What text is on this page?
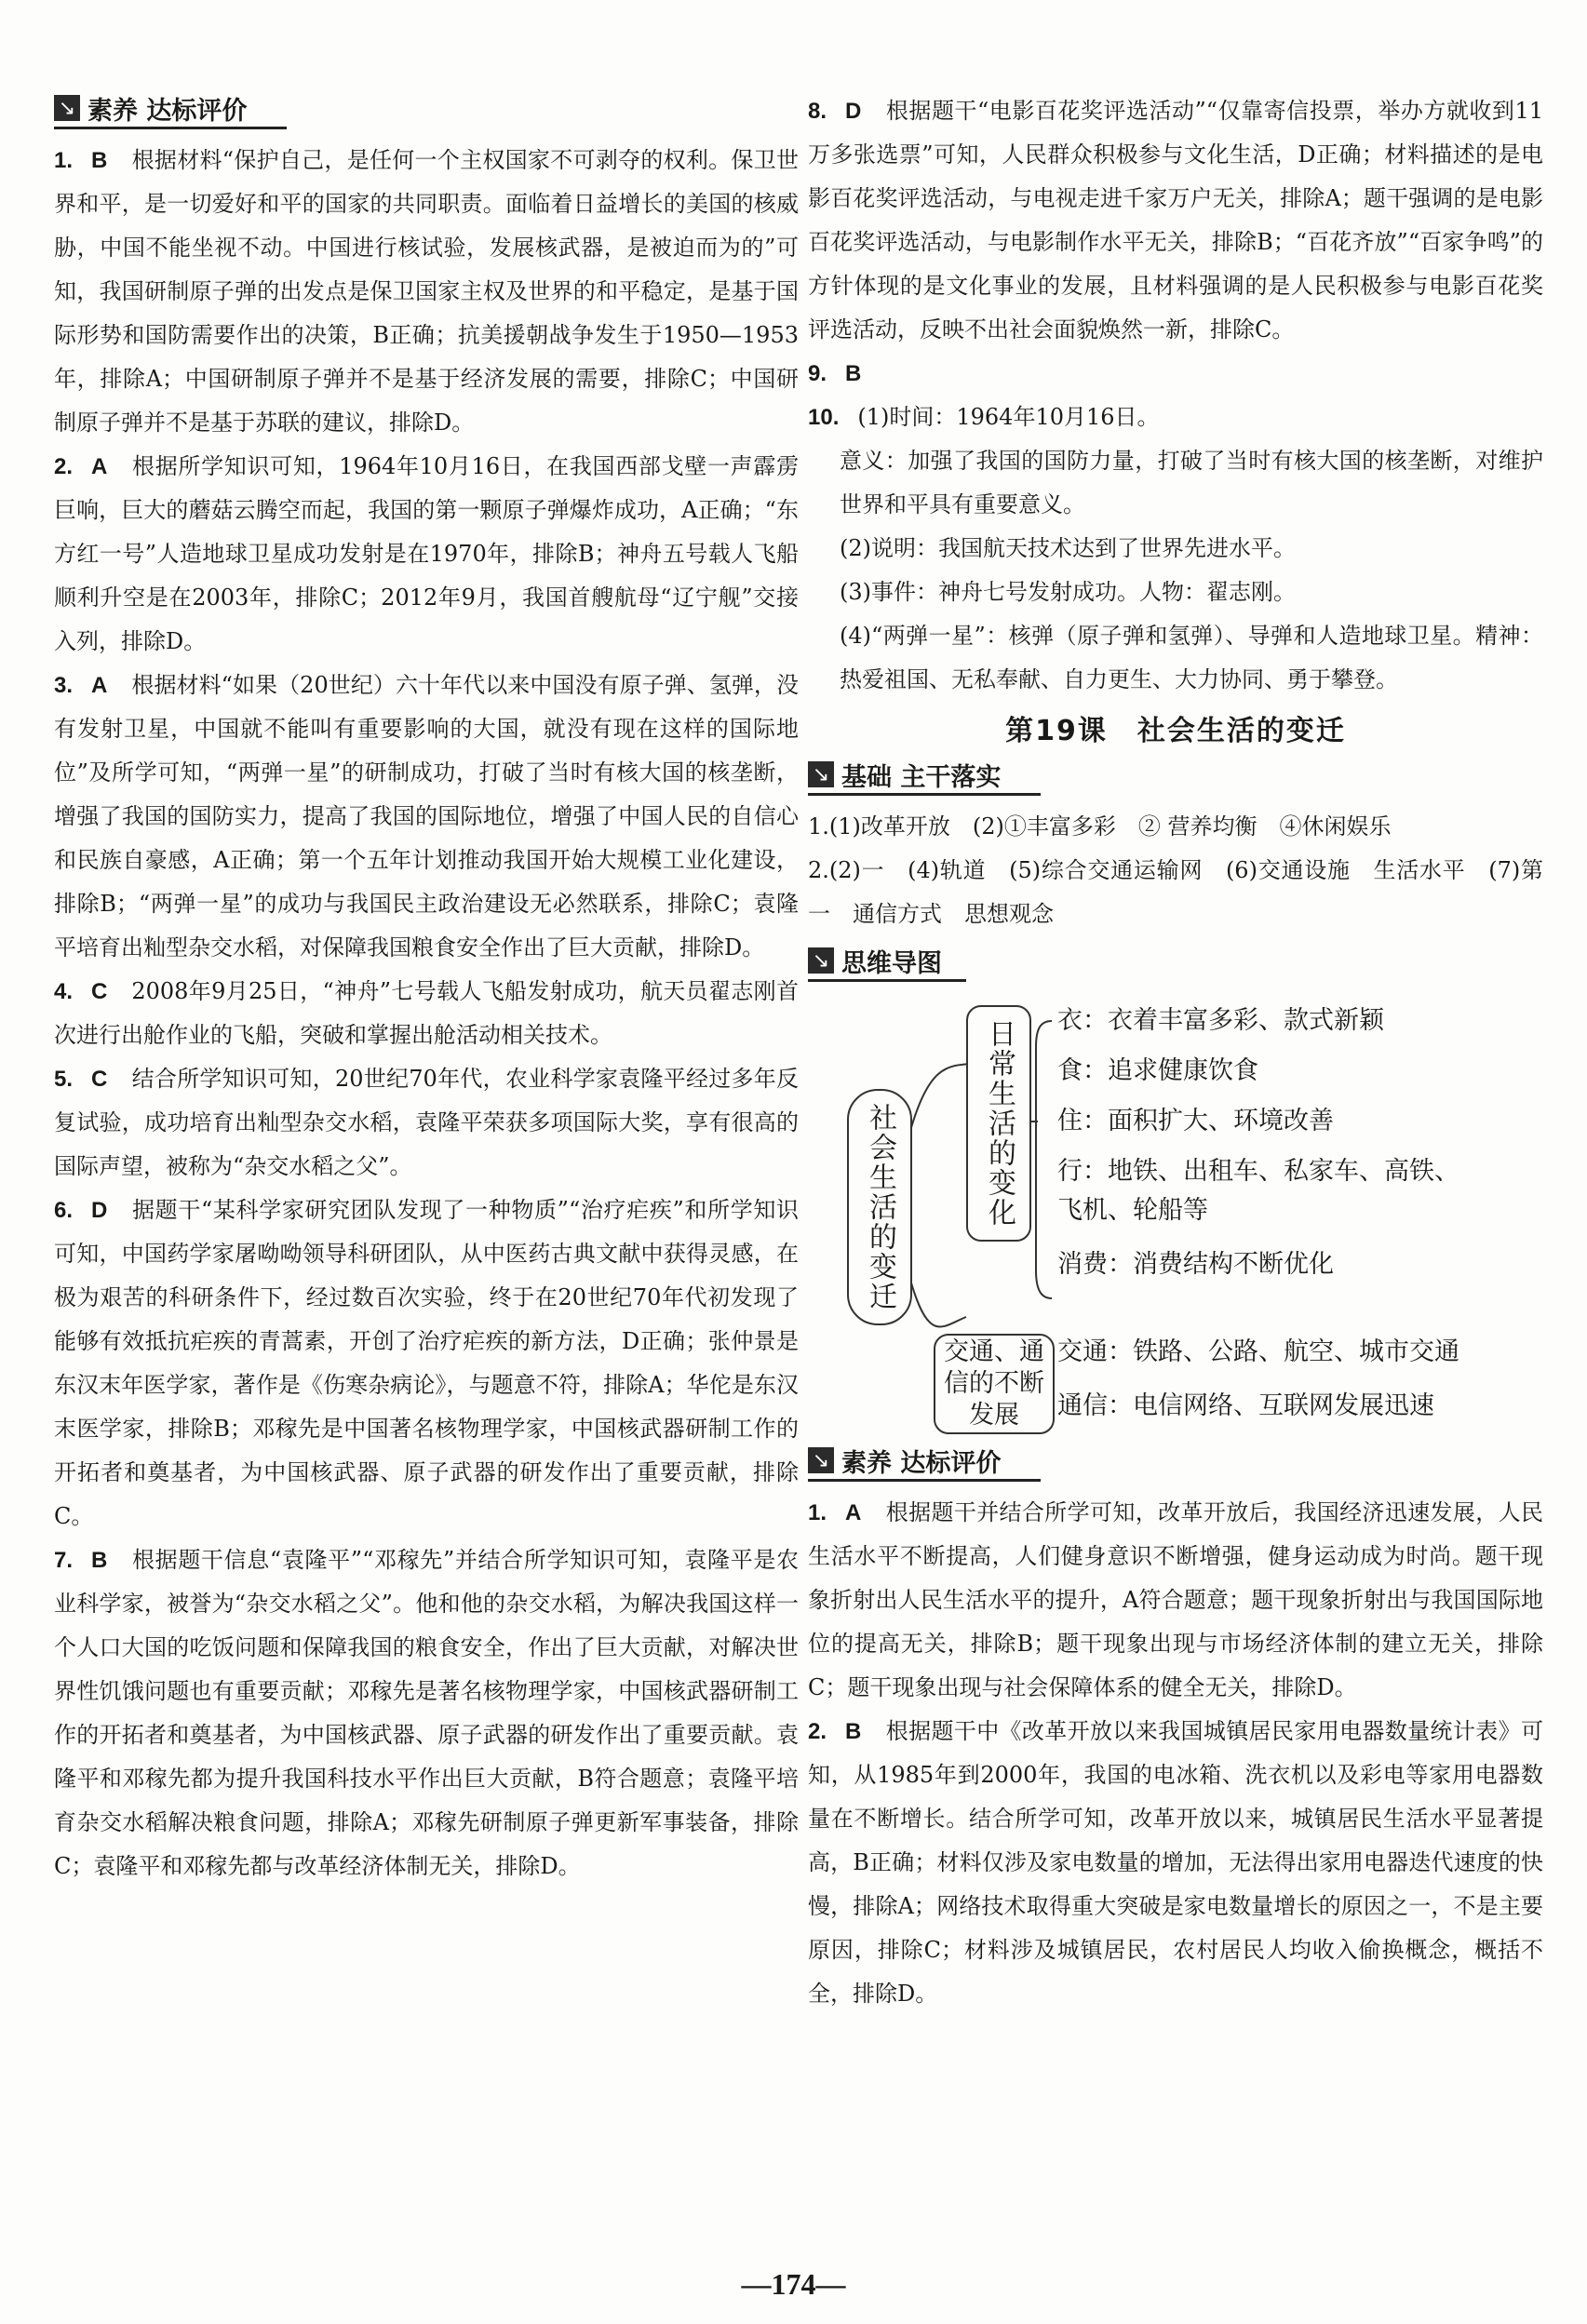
↘ 素养 达标评价

1. B 根据材料“保护自己，是任何一个主权国家不可剥夺的权利。保卫世界和平，是一切爱好和平的国家的共同职责。面临着日益增长的美国的核威胁，中国不能坐视不动。中国进行核试验，发展核武器，是被迫而为的”可知，我国研制原子弹的出发点是保卫国家主权及世界的和平稳定，是基于国际形势和国防需要作出的决策，B正确；抗美援朝战争发生于1950—1953年，排除A；中国研制原子弹并不是基于经济发展的需要，排除C；中国研制原子弹并不是基于苏联的建议，排除D。

2. A 根据所学知识可知，1964年10月16日，在我国西部戈壁一声霹雳巨响，巨大的蘑菇云腾空而起，我国的第一颗原子弹爆炸成功，A正确；“东方红一号”人造地球卫星成功发射是在1970年，排除B；神舟五号载人飞船顺利升空是在2003年，排除C；2012年9月，我国首艘航母“辽宁舰”交接入列，排除D。

3. A 根据材料“如果（20世纪）六十年代以来中国没有原子弹、氢弹，没有发射卫星，中国就不能叫有重要影响的大国，就没有现在这样的国际地位”及所学可知，“两弹一星”的研制成功，打破了当时有核大国的核垄断，增强了我国的国防实力，提高了我国的国际地位，增强了中国人民的自信心和民族自豪感，A正确；第一个五年计划推动我国开始大规模工业化建设，排除B；“两弹一星”的成功与我国民主政治建设无必然联系，排除C；袁隆平培育出籼型杂交水稻，对保障我国粮食安全作出了巨大贡献，排除D。

4. C 2008年9月25日，“神舟”七号载人飞船发射成功，航天员翟志刚首次进行出舱作业的飞船，突破和掌握出舱活动相关技术。

5. C 结合所学知识可知，20世纪70年代，农业科学家袁隆平经过多年反复试验，成功培育出籼型杂交水稻，袁隆平荣获多项国际大奖，享有很高的国际声望，被称为“杂交水稻之父”。

6. D 据题干“某科学家研究团队发现了一种物质”“治疗疟疾”和所学知识可知，中国药学家屠呦呦领导科研团队，从中医药古典文献中获得灵感，在极为艰苦的科研条件下，经过数百次实验，终于在20世纪70年代初发现了能够有效抵抗疟疾的青蒿素，开创了治疗疟疾的新方法，D正确；张仲景是东汉末年医学家，著作是《伤寒杂病论》，与题意不符，排除A；华佗是东汉末医学家，排除B；邓稼先是中国著名核物理学家，中国核武器研制工作的开拓者和奠基者，为中国核武器、原子武器的研发作出了重要贡献，排除C。

7. B 根据题干信息“袁隆平”“邓稼先”并结合所学知识可知，袁隆平是农业科学家，被誉为“杂交水稻之父”。他和他的杂交水稻，为解决我国这样一个人口大国的吃饭问题和保障我国的粮食安全，作出了巨大贡献，对解决世界性饥饿问题也有重要贡献；邓稼先是著名核物理学家，中国核武器研制工作的开拓者和奠基者，为中国核武器、原子武器的研发作出了重要贡献。袁隆平和邓稼先都为提升我国科技水平作出巨大贡献，B符合题意；袁隆平培育杂交水稻解决粮食问题，排除A；邓稼先研制原子弹更新军事装备，排除C；袁隆平和邓稼先都与改革经济体制无关，排除D。

8. D 根据题干“电影百花奖评选活动”“仅靠寄信投票，举办方就收到11万多张选票”可知，人民群众积极参与文化生活，D正确；材料描述的是电影百花奖评选活动，与电视走进千家万户无关，排除A；题干强调的是电影百花奖评选活动，与电影制作水平无关，排除B；“百花齐放”“百家争鸣”的方针体现的是文化事业的发展，且材料强调的是人民积极参与电影百花奖评选活动，反映不出社会面貌焕然一新，排除C。

9. B

10. (1)时间：1964年10月16日。

意义：加强了我国的国防力量，打破了当时有核大国的核垄断，对维护世界和平具有重要意义。

(2)说明：我国航天技术达到了世界先进水平。

(3)事件：神舟七号发射成功。人物：翟志刚。

(4)“两弹一星”：核弹（原子弹和氢弹）、导弹和人造地球卫星。精神：热爱祖国、无私奉献、自力更生、大力协同、勇于攀登。

第19课　社会生活的变迁
↘ 基础 主干落实

1.(1)改革开放　(2)①丰富多彩　② 营养均衡　④休闲娱乐

2.(2)一　(4)轨道　(5)综合交通运输网　(6)交通设施　生活水平　(7)第一　通信方式　思想观念

↘ 思维导图
社会生活的变迁	日常生活的变化
交通、通信的不断发展
衣：衣着丰富多彩、款式新颖
食：追求健康饮食
住：面积扩大、环境改善
行：地铁、出租车、私家车、高铁、
飞机、轮船等
消费：消费结构不断优化
交通：铁路、公路、航空、城市交通
通信：电信网络、互联网发展迅速
↘ 素养 达标评价

1. A 根据题干并结合所学可知，改革开放后，我国经济迅速发展，人民生活水平不断提高，人们健身意识不断增强，健身运动成为时尚。题干现象折射出人民生活水平的提升，A符合题意；题干现象折射出与我国国际地位的提高无关，排除B；题干现象出现与市场经济体制的建立无关，排除C；题干现象出现与社会保障体系的健全无关，排除D。

2. B 根据题干中《改革开放以来我国城镇居民家用电器数量统计表》可知，从1985年到2000年，我国的电冰箱、洗衣机以及彩电等家用电器数量在不断增长。结合所学可知，改革开放以来，城镇居民生活水平显著提高，B正确；材料仅涉及家电数量的增加，无法得出家用电器迭代速度的快慢，排除A；网络技术取得重大突破是家电数量增长的原因之一，不是主要原因，排除C；材料涉及城镇居民，农村居民人均收入偷换概念，概括不全，排除D。

—174—
